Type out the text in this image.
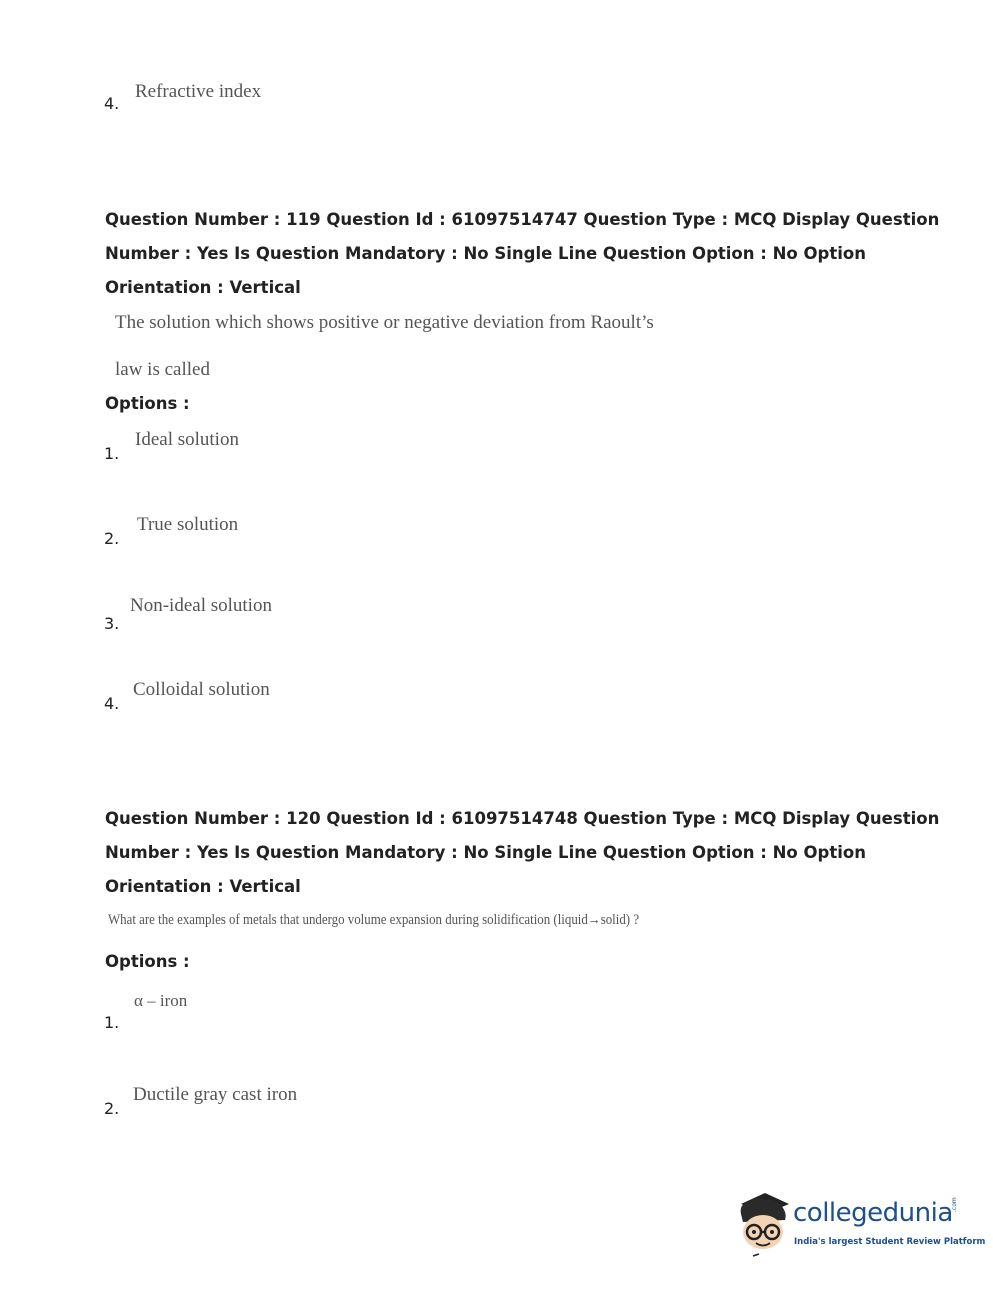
4.
Refractive index
Question Number : 119 Question Id : 61097514747 Question Type : MCQ Display Question
Number : Yes Is Question Mandatory : No Single Line Question Option : No Option
Orientation : Vertical
The solution which shows positive or negative deviation from Raoult’s
law is called
Options :
1.
Ideal solution
2.
True solution
3.
Non-ideal solution
4.
Colloidal solution
Question Number : 120 Question Id : 61097514748 Question Type : MCQ Display Question
Number : Yes Is Question Mandatory : No Single Line Question Option : No Option
Orientation : Vertical
What are the examples of metals that undergo volume expansion during solidification (liquid→solid) ?
Options :
1.
α – iron
2.
Ductile gray cast iron
collegedunia
.com
India's largest Student Review Platform
